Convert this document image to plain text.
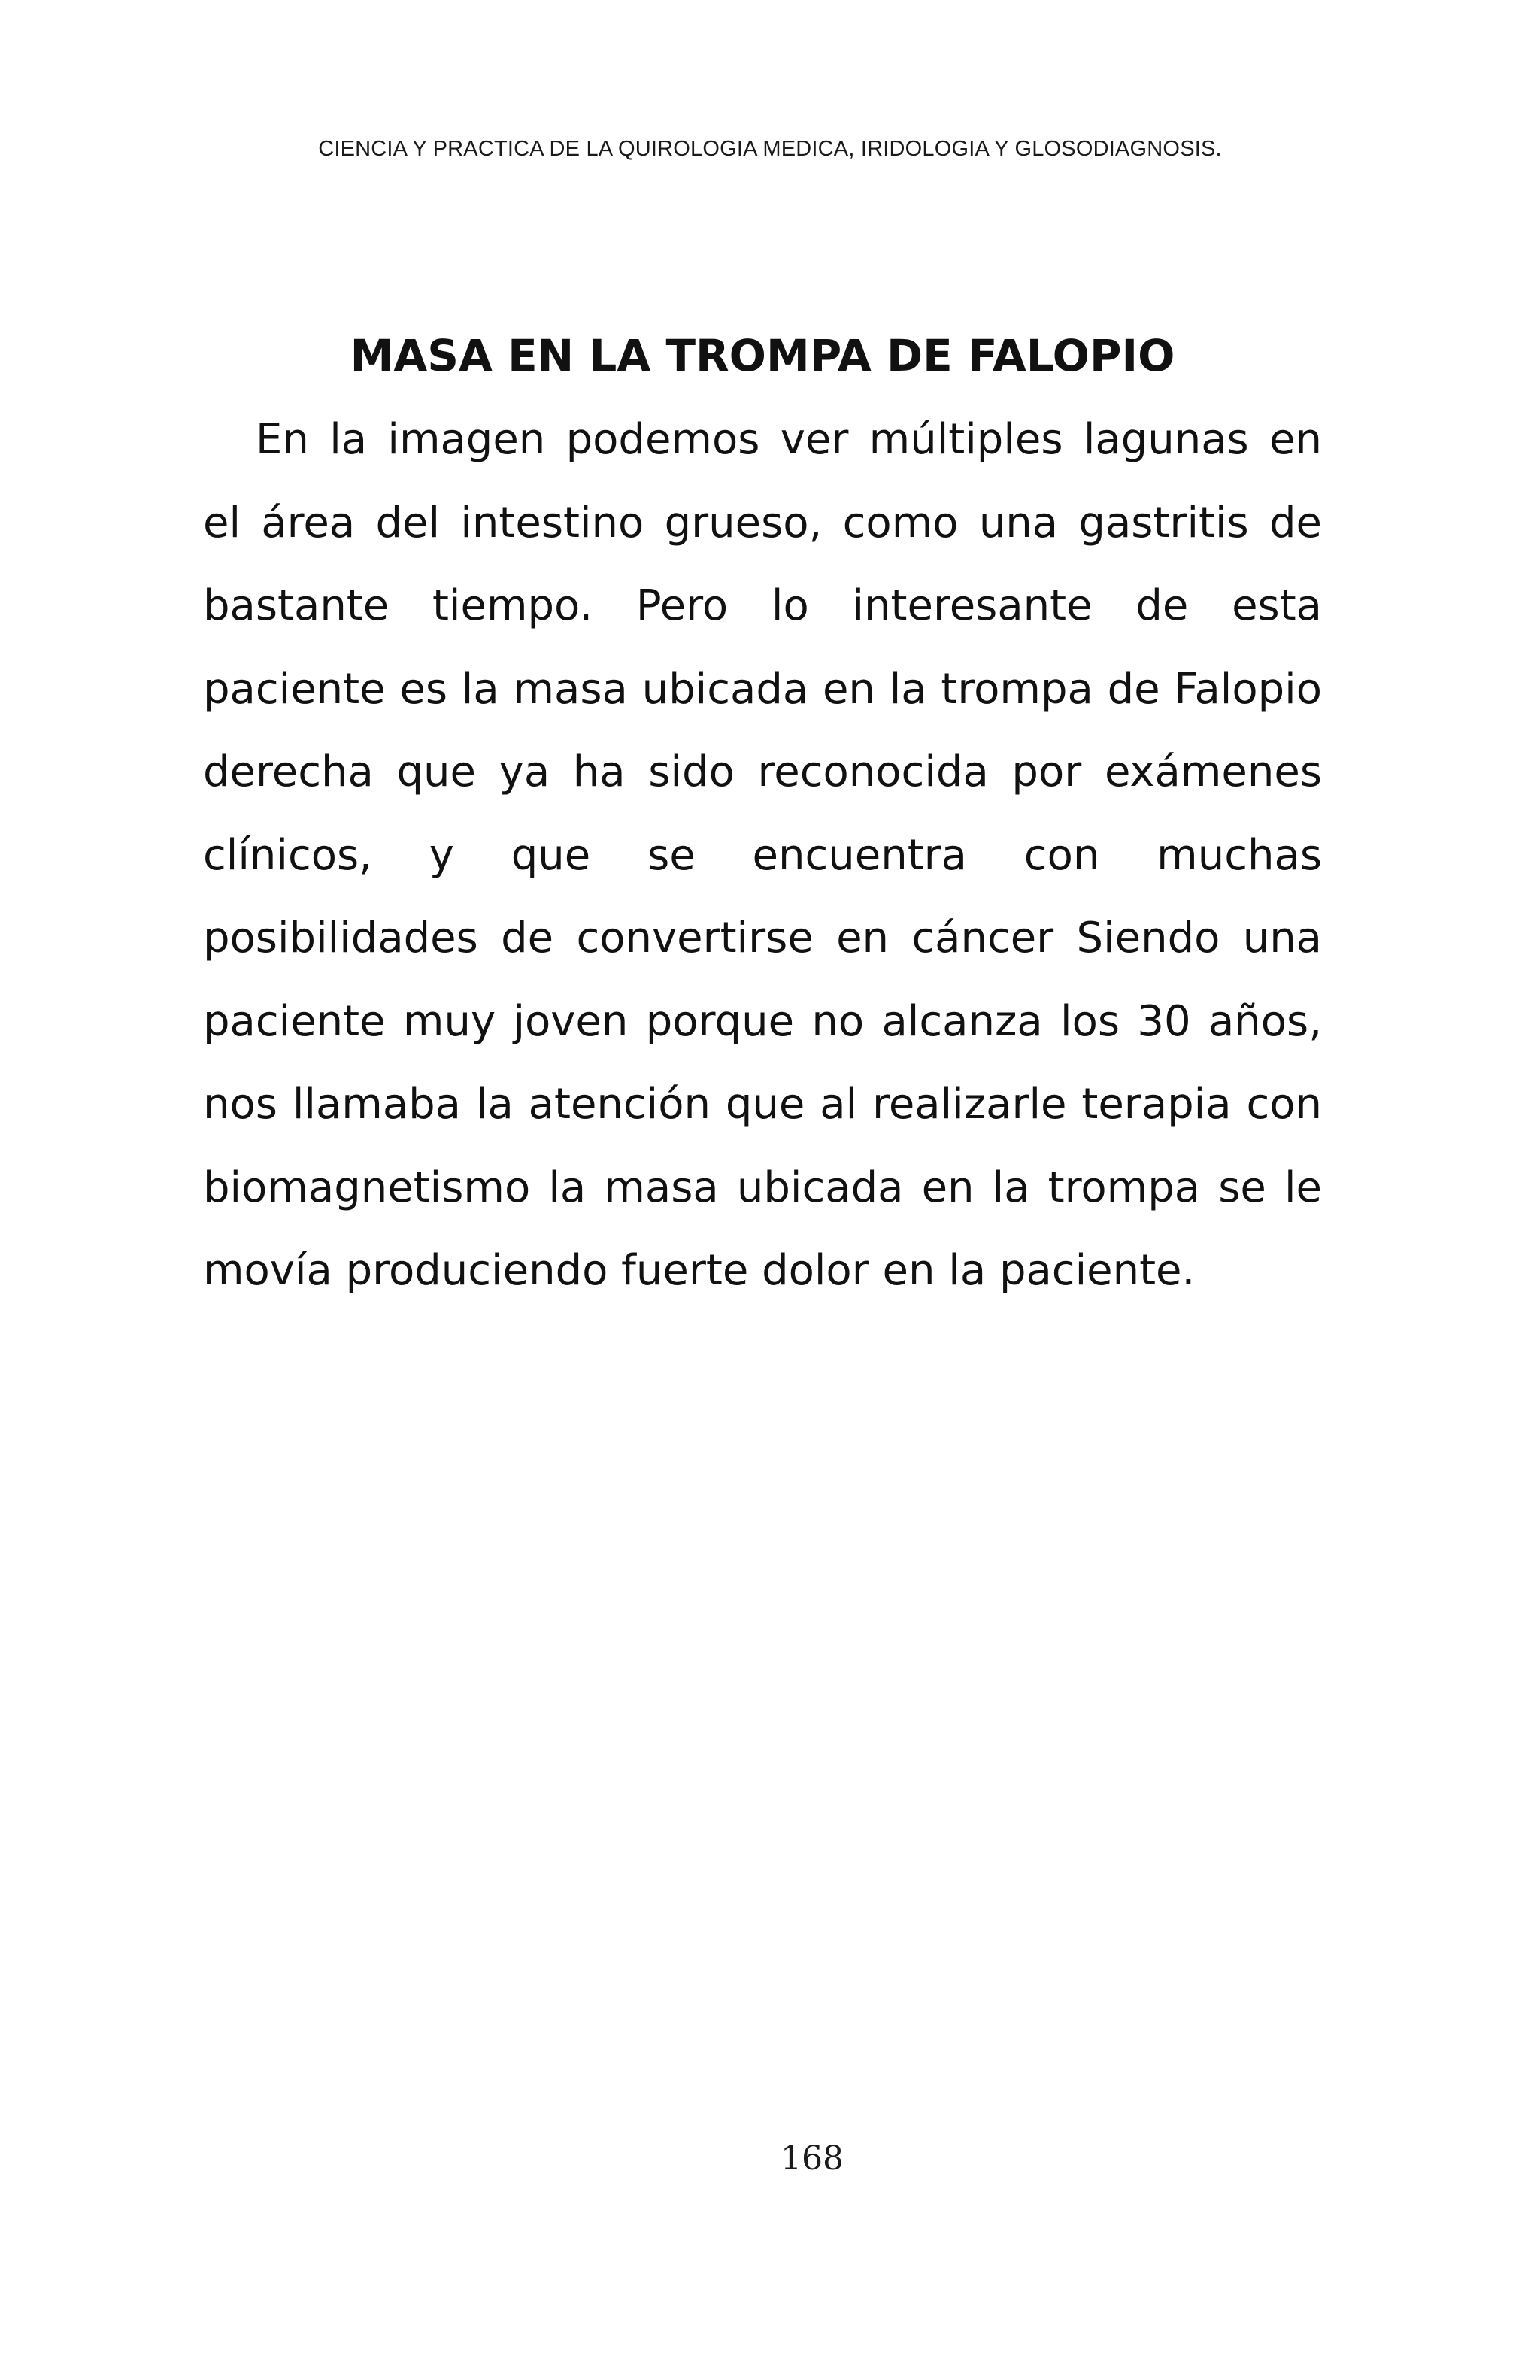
CIENCIA Y PRACTICA DE LA QUIROLOGIA MEDICA, IRIDOLOGIA Y GLOSODIAGNOSIS.
MASA EN LA TROMPA DE FALOPIO

En la imagen podemos ver múltiples lagunas en el área del intestino grueso, como una gastritis de bastante tiempo. Pero lo interesante de esta paciente es la masa ubicada en la trompa de Falopio derecha que ya ha sido reconocida por exámenes clínicos, y que se encuentra con muchas posibilidades de convertirse en cáncer Siendo una paciente muy joven porque no alcanza los 30 años, nos llamaba la atención que al realizarle terapia con biomagnetismo la masa ubicada en la trompa se le movía produciendo fuerte dolor en la paciente.

168
